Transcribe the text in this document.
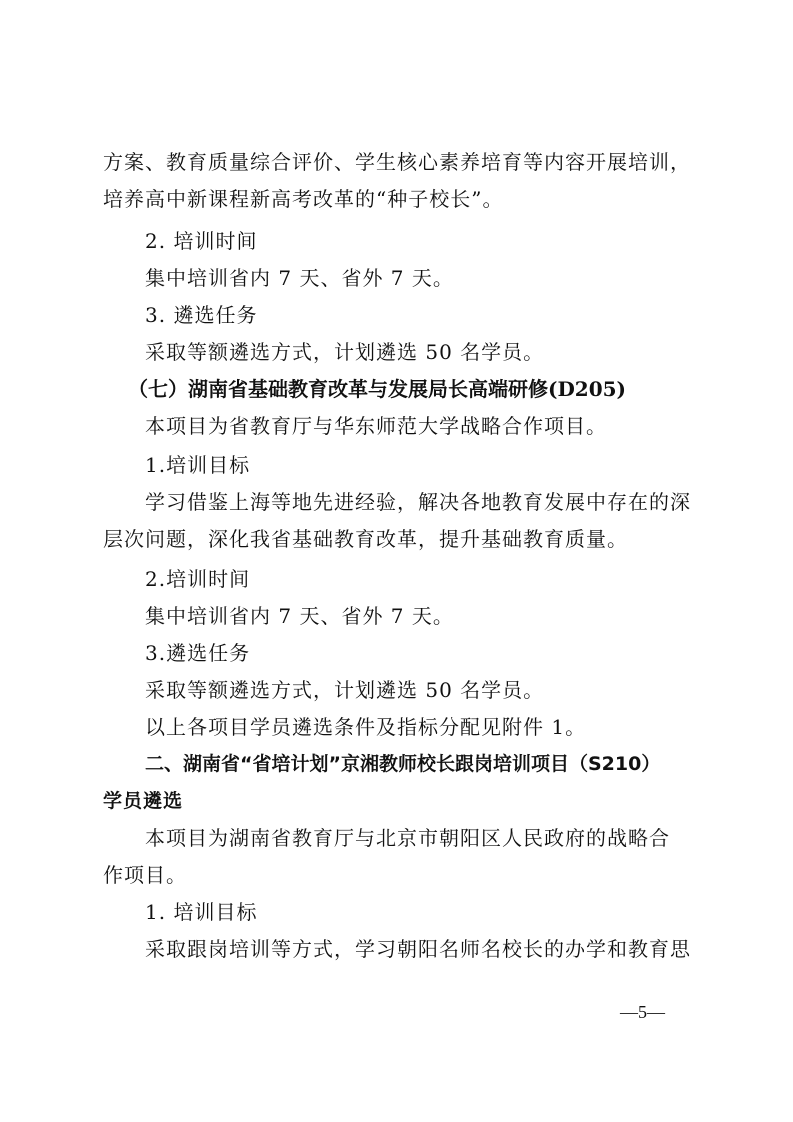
方案、教育质量综合评价、学生核心素养培育等内容开展培训，
培养高中新课程新高考改革的“种子校长”。
2. 培训时间
集中培训省内 7 天、省外 7 天。
3. 遴选任务
采取等额遴选方式，计划遴选 50 名学员。
（七）湖南省基础教育改革与发展局长高端研修(D205)
本项目为省教育厅与华东师范大学战略合作项目。
1.培训目标
学习借鉴上海等地先进经验，解决各地教育发展中存在的深
层次问题，深化我省基础教育改革，提升基础教育质量。
2.培训时间
集中培训省内 7 天、省外 7 天。
3.遴选任务
采取等额遴选方式，计划遴选 50 名学员。
以上各项目学员遴选条件及指标分配见附件 1。
二、湖南省“省培计划”京湘教师校长跟岗培训项目（S210）
学员遴选
本项目为湖南省教育厅与北京市朝阳区人民政府的战略合
作项目。
1. 培训目标
采取跟岗培训等方式，学习朝阳名师名校长的办学和教育思
—5—
